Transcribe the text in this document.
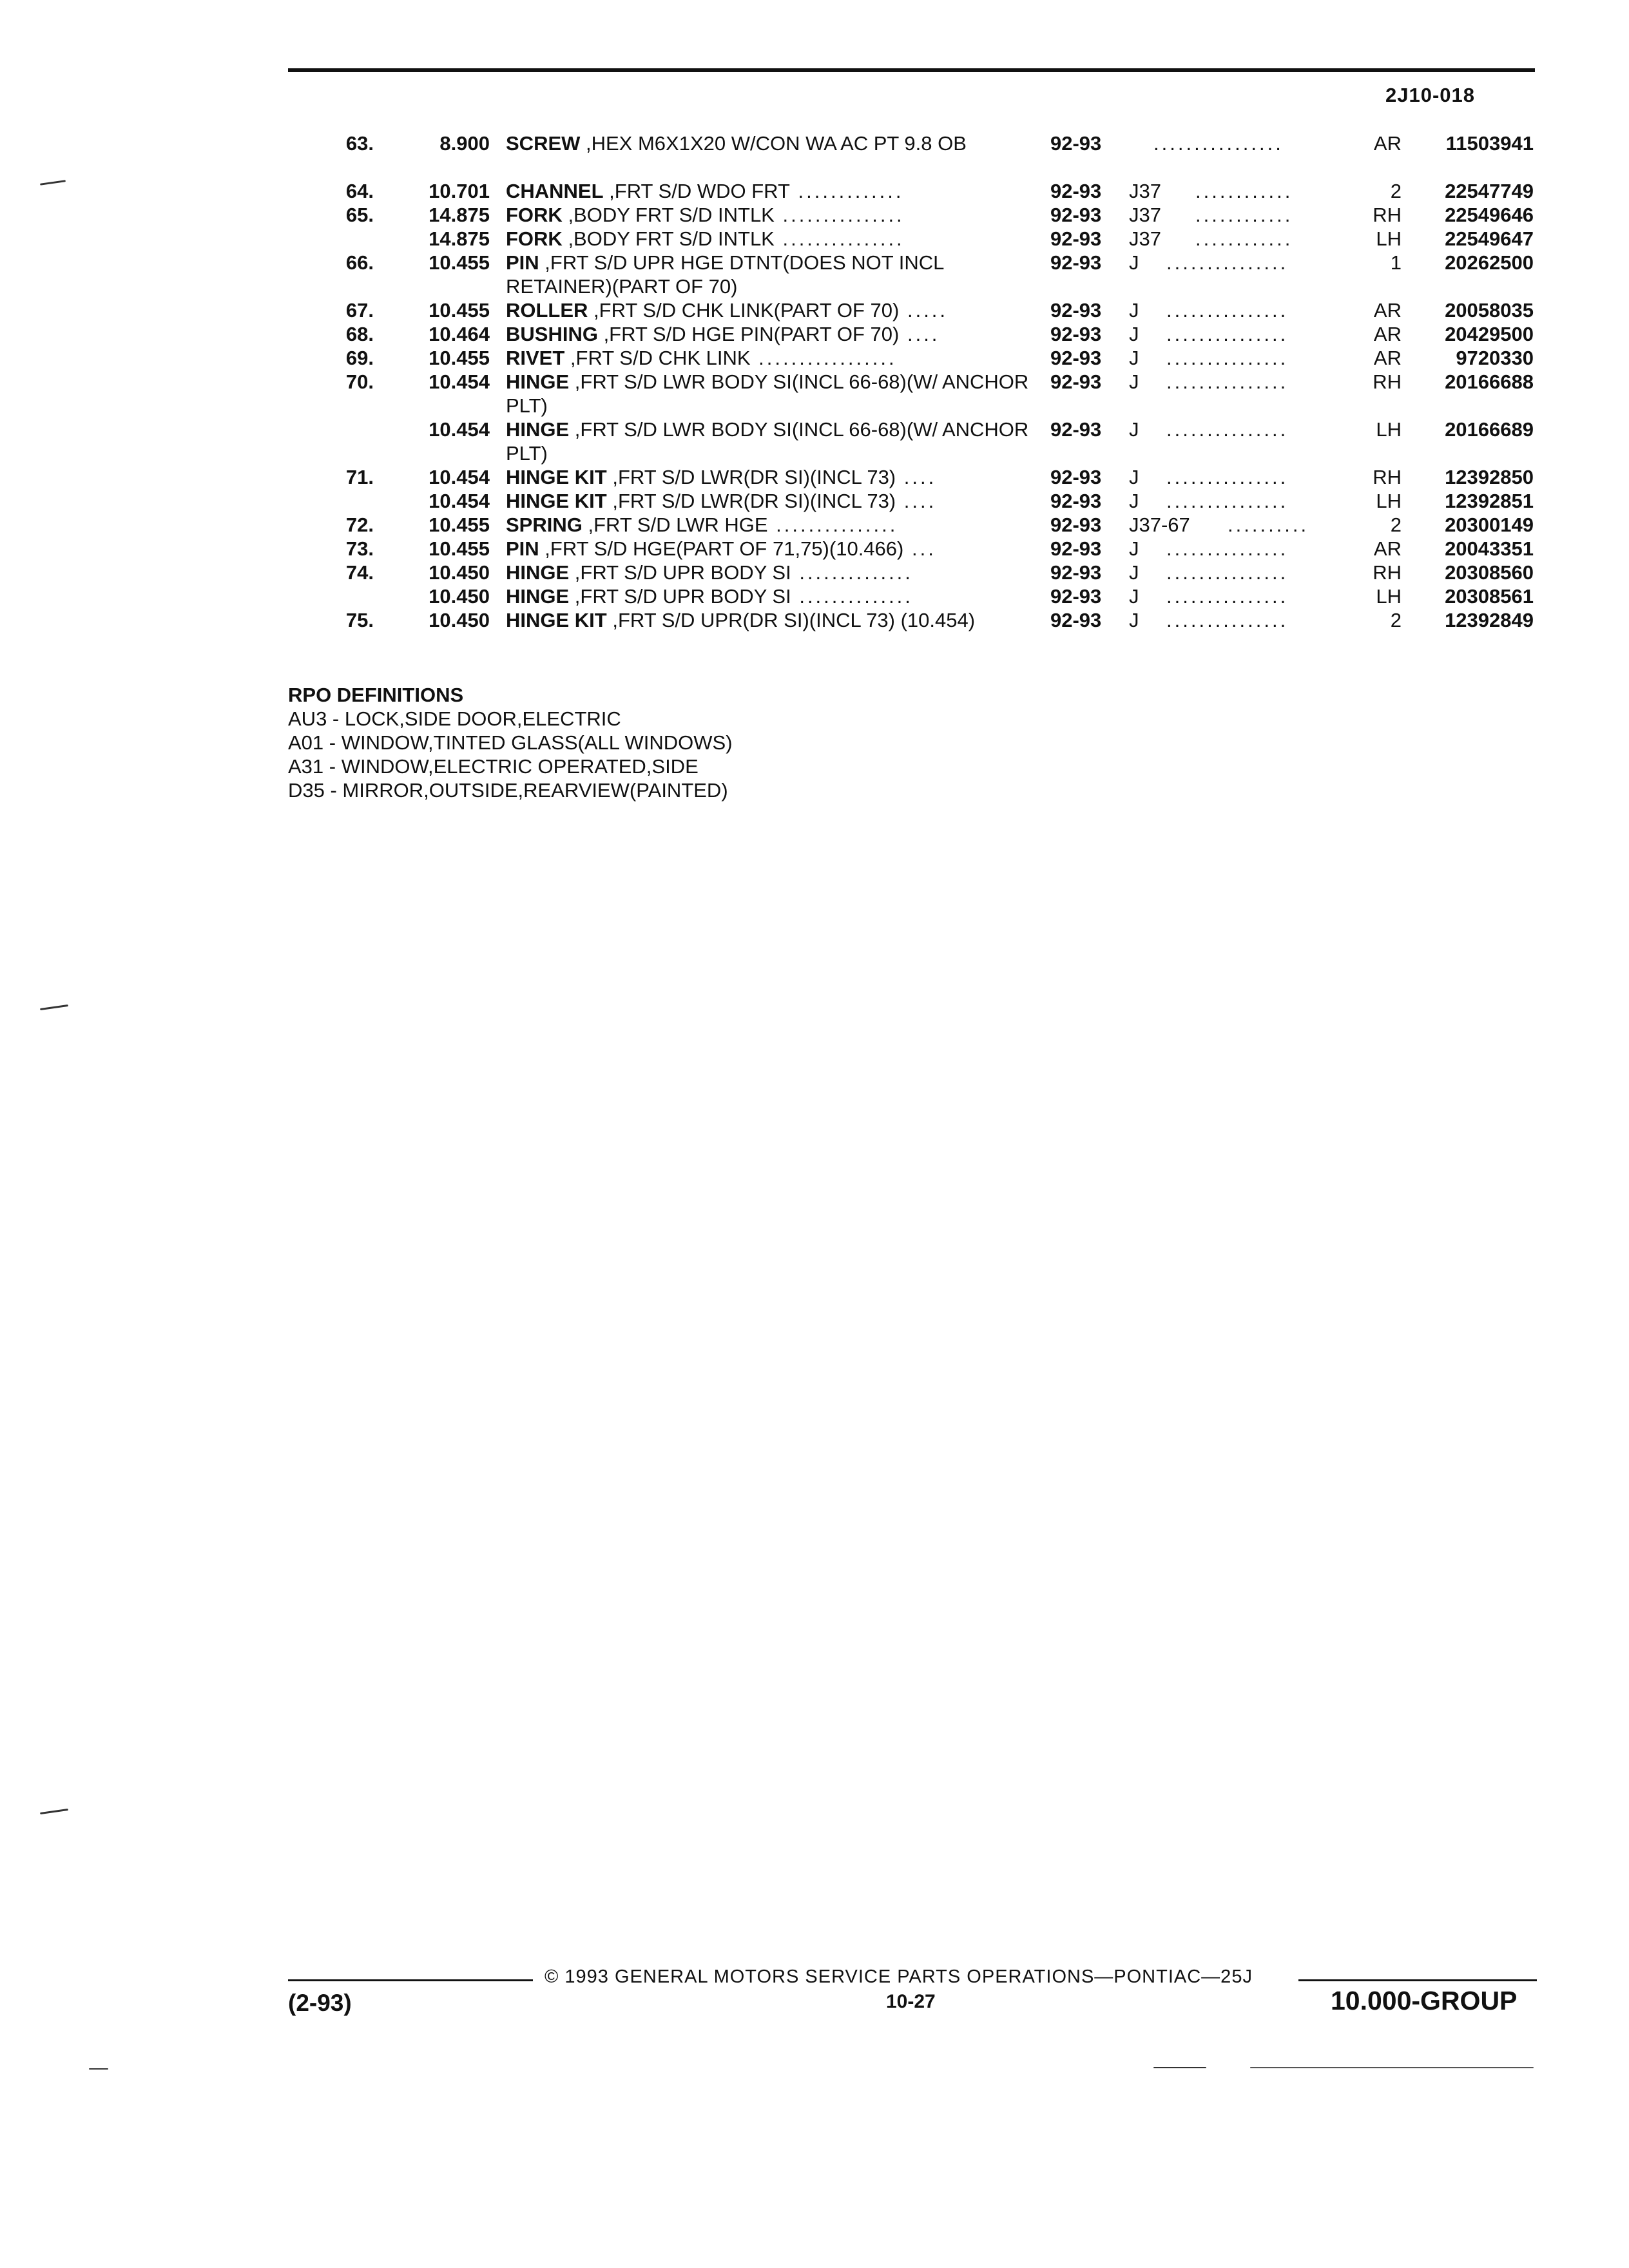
2J10-018
63.	8.900 SCREW ,HEX M6X1X20 W/CON WA AC PT 9.8 OB	92-93	................	AR	11503941
64.	10.701 CHANNEL ,FRT S/D WDO FRT .............	92-93 J37 ............	2	22547749
65.	14.875 FORK ,BODY FRT S/D INTLK ...............	92-93 J37 ............	RH	22549646
14.875 FORK ,BODY FRT S/D INTLK ...............	92-93 J37 ............	LH	22549647
66.	10.455 PIN ,FRT S/D UPR HGE DTNT(DOES NOT INCL RETAINER)(PART OF 70)
92-93 J ...............	1	20262500
67.	10.455 ROLLER ,FRT S/D CHK LINK(PART OF 70) .....	92-93 J ...............	AR	20058035
68.	10.464 BUSHING ,FRT S/D HGE PIN(PART OF 70) ....	92-93 J ...............	AR	20429500
69.	10.455 RIVET ,FRT S/D CHK LINK .................	92-93 J ...............	AR	9720330
70.	10.454 HINGE ,FRT S/D LWR BODY SI(INCL 66-68)(W/ ANCHOR PLT)
92-93 J ...............	RH	20166688
10.454 HINGE ,FRT S/D LWR BODY SI(INCL 66-68)(W/ ANCHOR PLT)
92-93 J ...............	LH	20166689
71.	10.454 HINGE KIT ,FRT S/D LWR(DR SI)(INCL 73) ....	92-93 J ...............	RH	12392850
10.454 HINGE KIT ,FRT S/D LWR(DR SI)(INCL 73) ....	92-93 J ...............	LH	12392851
72.	10.455 SPRING ,FRT S/D LWR HGE ...............	92-93 J37-67 ..........	2	20300149
73.	10.455 PIN ,FRT S/D HGE(PART OF 71,75)(10.466) ...	92-93 J ...............	AR	20043351
74.	10.450 HINGE ,FRT S/D UPR BODY SI ..............	92-93 J ...............	RH	20308560
10.450 HINGE ,FRT S/D UPR BODY SI ..............	92-93 J ...............	LH	20308561
75.	10.450 HINGE KIT ,FRT S/D UPR(DR SI)(INCL 73) (10.454)	92-93 J ...............	2	12392849
RPO DEFINITIONS
AU3 - LOCK,SIDE DOOR,ELECTRIC
A01 - WINDOW,TINTED GLASS(ALL WINDOWS)
A31 - WINDOW,ELECTRIC OPERATED,SIDE
D35 - MIRROR,OUTSIDE,REARVIEW(PAINTED)
© 1993 GENERAL MOTORS SERVICE PARTS OPERATIONS—PONTIAC—25J
(2-93)	10-27	10.000-GROUP
